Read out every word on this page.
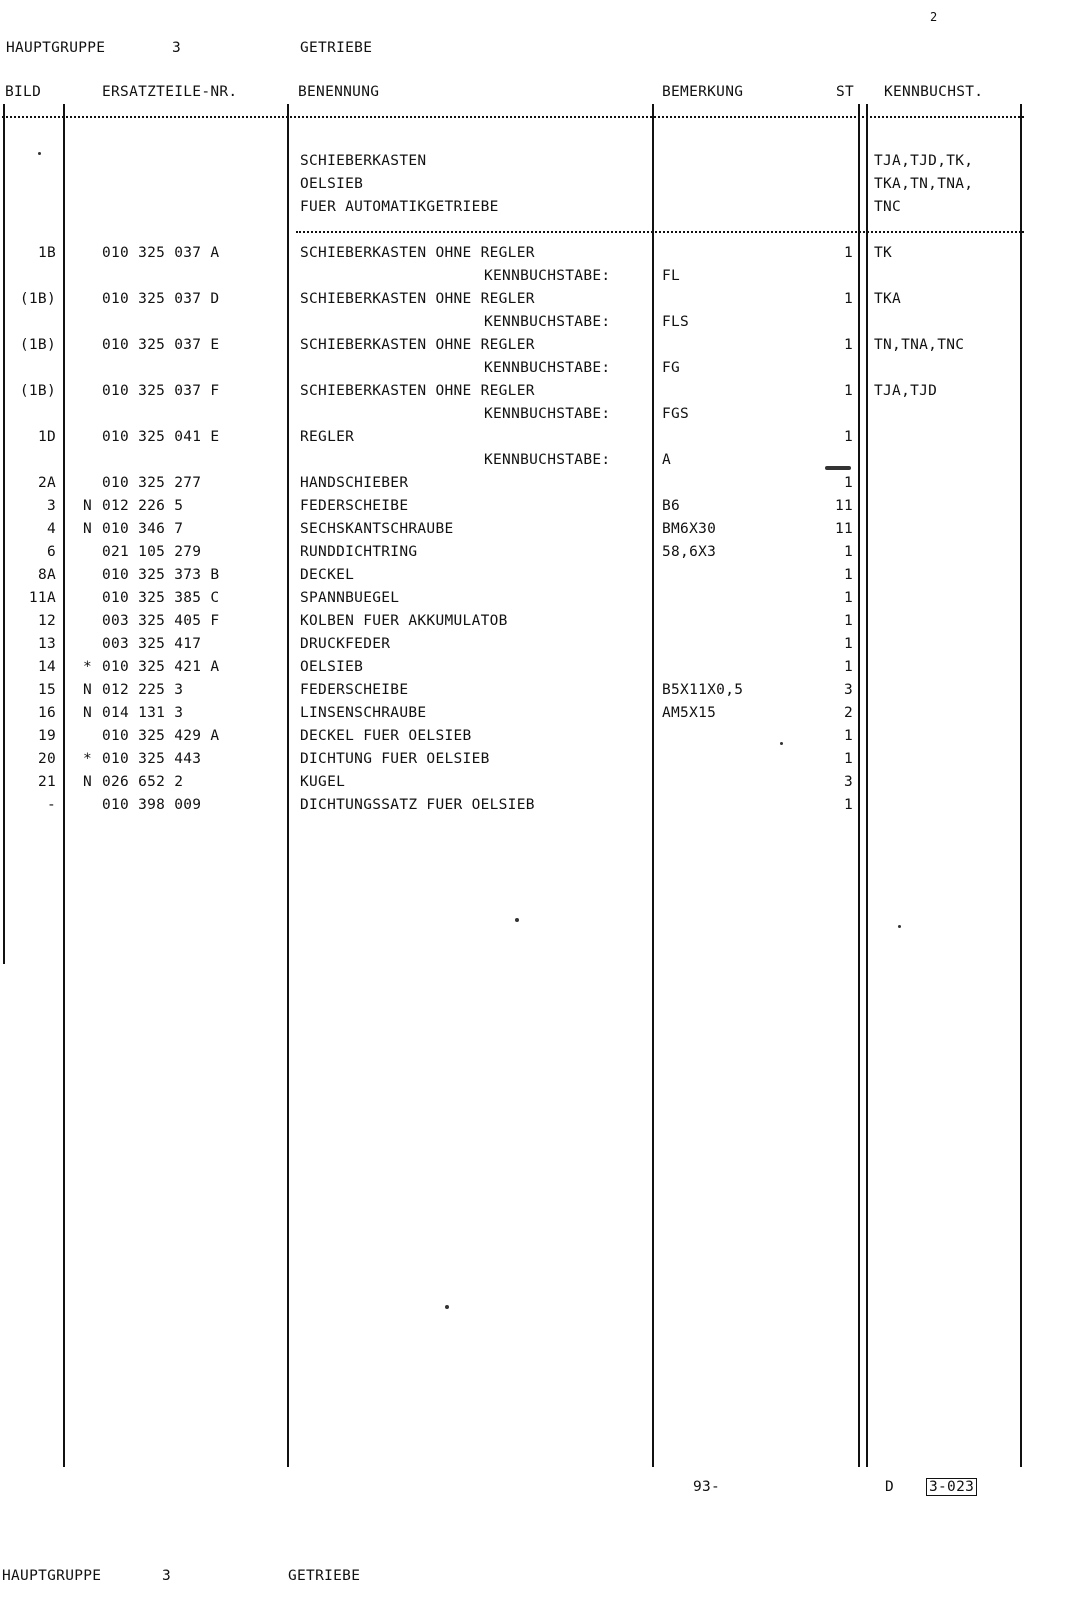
2
HAUPTGRUPPE	3	GETRIEBE
BILD	ERSATZTEILE-NR.	BENENNUNG	BEMERKUNG	ST KENNBUCHST.
SCHIEBERKASTEN
OELSIEB
FUER AUTOMATIKGETRIEBE
TJA,TJD,TK,
TKA,TN,TNA,
TNC
1B	010 325 037 A	SCHIEBERKASTEN OHNE REGLER	1 TK
KENNBUCHSTABE:	FL
(1B)	010 325 037 D	SCHIEBERKASTEN OHNE REGLER	1 TKA
KENNBUCHSTABE:	FLS
(1B)	010 325 037 E	SCHIEBERKASTEN OHNE REGLER	1 TN,TNA,TNC
KENNBUCHSTABE:	FG
(1B)	010 325 037 F	SCHIEBERKASTEN OHNE REGLER	1 TJA,TJD
KENNBUCHSTABE:	FGS
1D	010 325 041 E	REGLER	1
KENNBUCHSTABE:	A
2A	010 325 277	HANDSCHIEBER	1
3 N 012 226 5	FEDERSCHEIBE	B6	11
4 N 010 346 7	SECHSKANTSCHRAUBE	BM6X30	11
6	021 105 279	RUNDDICHTRING	58,6X3	1
8A	010 325 373 B	DECKEL	1
11A	010 325 385 C	SPANNBUEGEL	1
12	003 325 405 F	KOLBEN FUER AKKUMULATOB	1
13	003 325 417	DRUCKFEDER	1
14 * 010 325 421 A	OELSIEB	1
15 N 012 225 3	FEDERSCHEIBE	B5X11X0,5	3
16 N 014 131 3	LINSENSCHRAUBE	AM5X15	2
19	010 325 429 A	DECKEL FUER OELSIEB	1
20 * 010 325 443	DICHTUNG FUER OELSIEB	1
21 N 026 652 2	KUGEL	3
-	010 398 009	DICHTUNGSSATZ FUER OELSIEB	1
93-	D 3-023
HAUPTGRUPPE	3	GETRIEBE
